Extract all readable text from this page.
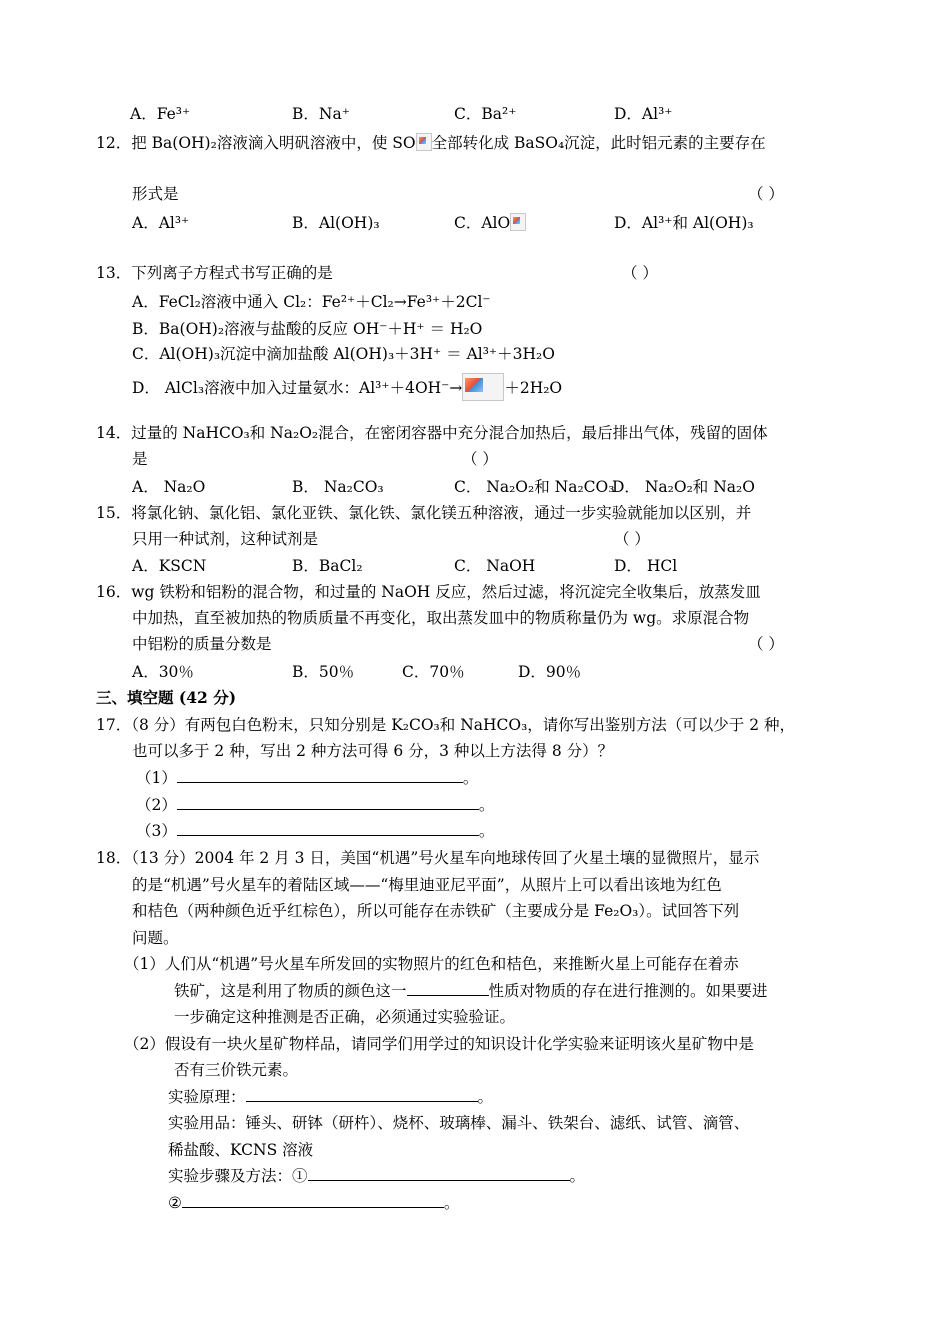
A．Fe³⁺	B．Na⁺	C．Ba²⁺	D．Al³⁺
12．把 Ba(OH)₂溶液滴入明矾溶液中，使 SO 全部转化成 BaSO₄沉淀，此时铝元素的主要存在
形式是	（ ）
A．Al³⁺	B．Al(OH)₃	C．AlO	D．Al³⁺和 Al(OH)₃
13．下列离子方程式书写正确的是	（ ）
A．FeCl₂溶液中通入 Cl₂：Fe²⁺＋Cl₂→Fe³⁺＋2Cl⁻
B．Ba(OH)₂溶液与盐酸的反应 OH⁻＋H⁺ ＝ H₂O
C．Al(OH)₃沉淀中滴加盐酸 Al(OH)₃＋3H⁺ ＝ Al³⁺＋3H₂O
D． AlCl₃溶液中加入过量氨水：Al³⁺＋4OH⁻→	＋2H₂O
14．过量的 NaHCO₃和 Na₂O₂混合，在密闭容器中充分混合加热后，最后排出气体，残留的固体
是	（ ）
A． Na₂O	B． Na₂CO₃	C． Na₂O₂和 Na₂CO₃
D． Na₂O₂和 Na₂O
15．将氯化钠、氯化铝、氯化亚铁、氯化铁、氯化镁五种溶液，通过一步实验就能加以区别，并
只用一种试剂，这种试剂是	（ ）
A．KSCN	B．BaCl₂	C． NaOH	D． HCl
16．wg 铁粉和铝粉的混合物，和过量的 NaOH 反应，然后过滤，将沉淀完全收集后，放蒸发皿
中加热，直至被加热的物质质量不再变化，取出蒸发皿中的物质称量仍为 wg。求原混合物
中铝粉的质量分数是	（ ）
A．30％	B．50％	C．70％	D．90％
三、填空题 (42 分)
17．（8 分）有两包白色粉末，只知分别是 K₂CO₃和 NaHCO₃，请你写出鉴别方法（可以少于 2 种，
也可以多于 2 种，写出 2 种方法可得 6 分，3 种以上方法得 8 分）？
（1）	。
（2）	。
（3）	。
18．（13 分）2004 年 2 月 3 日，美国“机遇”号火星车向地球传回了火星土壤的显微照片，显示
的是“机遇”号火星车的着陆区域——“梅里迪亚尼平面”，从照片上可以看出该地为红色
和桔色（两种颜色近乎红棕色），所以可能存在赤铁矿（主要成分是 Fe₂O₃）。试回答下列
问题。
（1）人们从“机遇”号火星车所发回的实物照片的红色和桔色，来推断火星上可能存在着赤
铁矿，这是利用了物质的颜色这一	性质对物质的存在进行推测的。如果要进
一步确定这种推测是否正确，必须通过实验验证。
（2）假设有一块火星矿物样品，请同学们用学过的知识设计化学实验来证明该火星矿物中是
否有三价铁元素。
实验原理：	。
实验用品：锤头、研钵（研杵）、烧杯、玻璃棒、漏斗、铁架台、滤纸、试管、滴管、
稀盐酸、KCNS 溶液
实验步骤及方法：①	。
②	。
